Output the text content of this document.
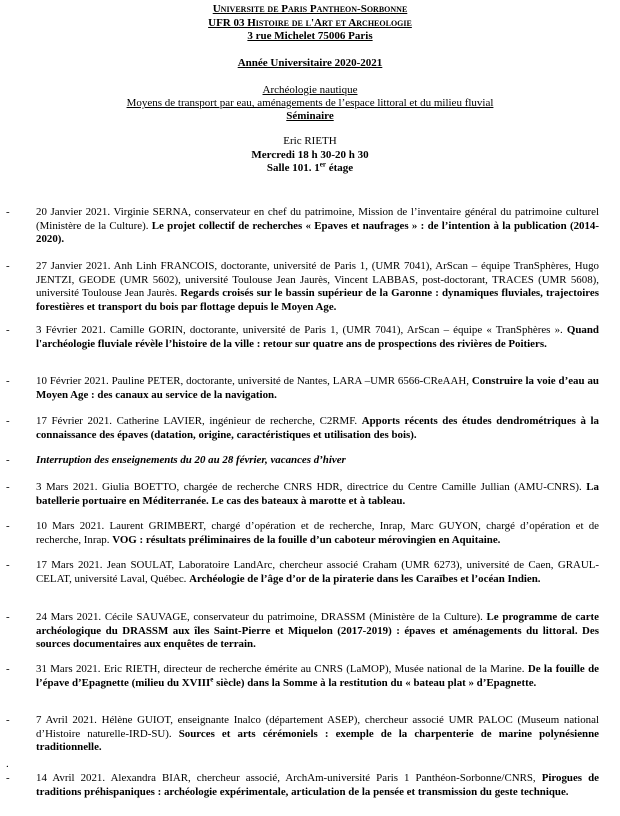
Universite de Paris Pantheon-Sorbonne
UFR 03 Histoire de l'Art et Archeologie
3 rue Michelet 75006 Paris
Année Universitaire 2020-2021
Archéologie nautique
Moyens de transport par eau, aménagements de l’espace littoral et du milieu fluvial
Séminaire
Eric RIETH
Mercredi 18 h 30-20 h 30
Salle 101. 1er étage
- 20 Janvier 2021. Virginie SERNA, conservateur en chef du patrimoine, Mission de l’inventaire général du patrimoine culturel (Ministère de la Culture). Le projet collectif de recherches « Epaves et naufrages » : de l’intention à la publication (2014-2020).
- 27 Janvier 2021. Anh Linh FRANCOIS, doctorante, université de Paris 1, (UMR 7041), ArScan – équipe TranSphères, Hugo JENTZI, GEODE (UMR 5602), université Toulouse Jean Jaurès, Vincent LABBAS, post-doctorant, TRACES (UMR 5608), université Toulouse Jean Jaurès. Regards croisés sur le bassin supérieur de la Garonne : dynamiques fluviales, trajectoires forestières et transport du bois par flottage depuis le Moyen Age.
- 3 Février 2021. Camille GORIN, doctorante, université de Paris 1, (UMR 7041), ArScan – équipe « TranSphères ». Quand l'archéologie fluviale révèle l’histoire de la ville : retour sur quatre ans de prospections des rivières de Poitiers.
- 10 Février 2021. Pauline PETER, doctorante, université de Nantes, LARA –UMR 6566-CReAAH, Construire la voie d’eau au Moyen Age : des canaux au service de la navigation.
- 17 Février 2021. Catherine LAVIER, ingénieur de recherche, C2RMF. Apports récents des études dendrométriques à la connaissance des épaves (datation, origine, caractéristiques et utilisation des bois).
- Interruption des enseignements du 20 au 28 février, vacances d’hiver
- 3 Mars 2021. Giulia BOETTO, chargée de recherche CNRS HDR, directrice du Centre Camille Jullian (AMU-CNRS). La batellerie portuaire en Méditerranée. Le cas des bateaux à marotte et à tableau.
- 10 Mars 2021. Laurent GRIMBERT, chargé d’opération et de recherche, Inrap, Marc GUYON, chargé d’opération et de recherche, Inrap. VOG : résultats préliminaires de la fouille d’un caboteur mérovingien en Aquitaine.
- 17 Mars 2021. Jean SOULAT, Laboratoire LandArc, chercheur associé Craham (UMR 6273), université de Caen, GRAUL-CELAT, université Laval, Québec. Archéologie de l’âge d’or de la piraterie dans les Caraïbes et l’océan Indien.
- 24 Mars 2021. Cécile SAUVAGE, conservateur du patrimoine, DRASSM (Ministère de la Culture). Le programme de carte archéologique du DRASSM aux îles Saint-Pierre et Miquelon (2017-2019) : épaves et aménagements du littoral. Des sources documentaires aux enquêtes de terrain.
- 31 Mars 2021. Eric RIETH, directeur de recherche émérite au CNRS (LaMOP), Musée national de la Marine. De la fouille de l’épave d’Epagnette (milieu du XVIIIe siècle) dans la Somme à la restitution du « bateau plat » d’Epagnette.
- 7 Avril 2021. Hélène GUIOT, enseignante Inalco (département ASEP), chercheur associé UMR PALOC (Museum national d’Histoire naturelle-IRD-SU). Sources et arts cérémoniels : exemple de la charpenterie de marine polynésienne traditionnelle.
- 14 Avril 2021. Alexandra BIAR, chercheur associé, ArchAm-université Paris 1 Panthéon-Sorbonne/CNRS, Pirogues de traditions préhispaniques : archéologie expérimentale, articulation de la pensée et transmission du geste technique.
.
